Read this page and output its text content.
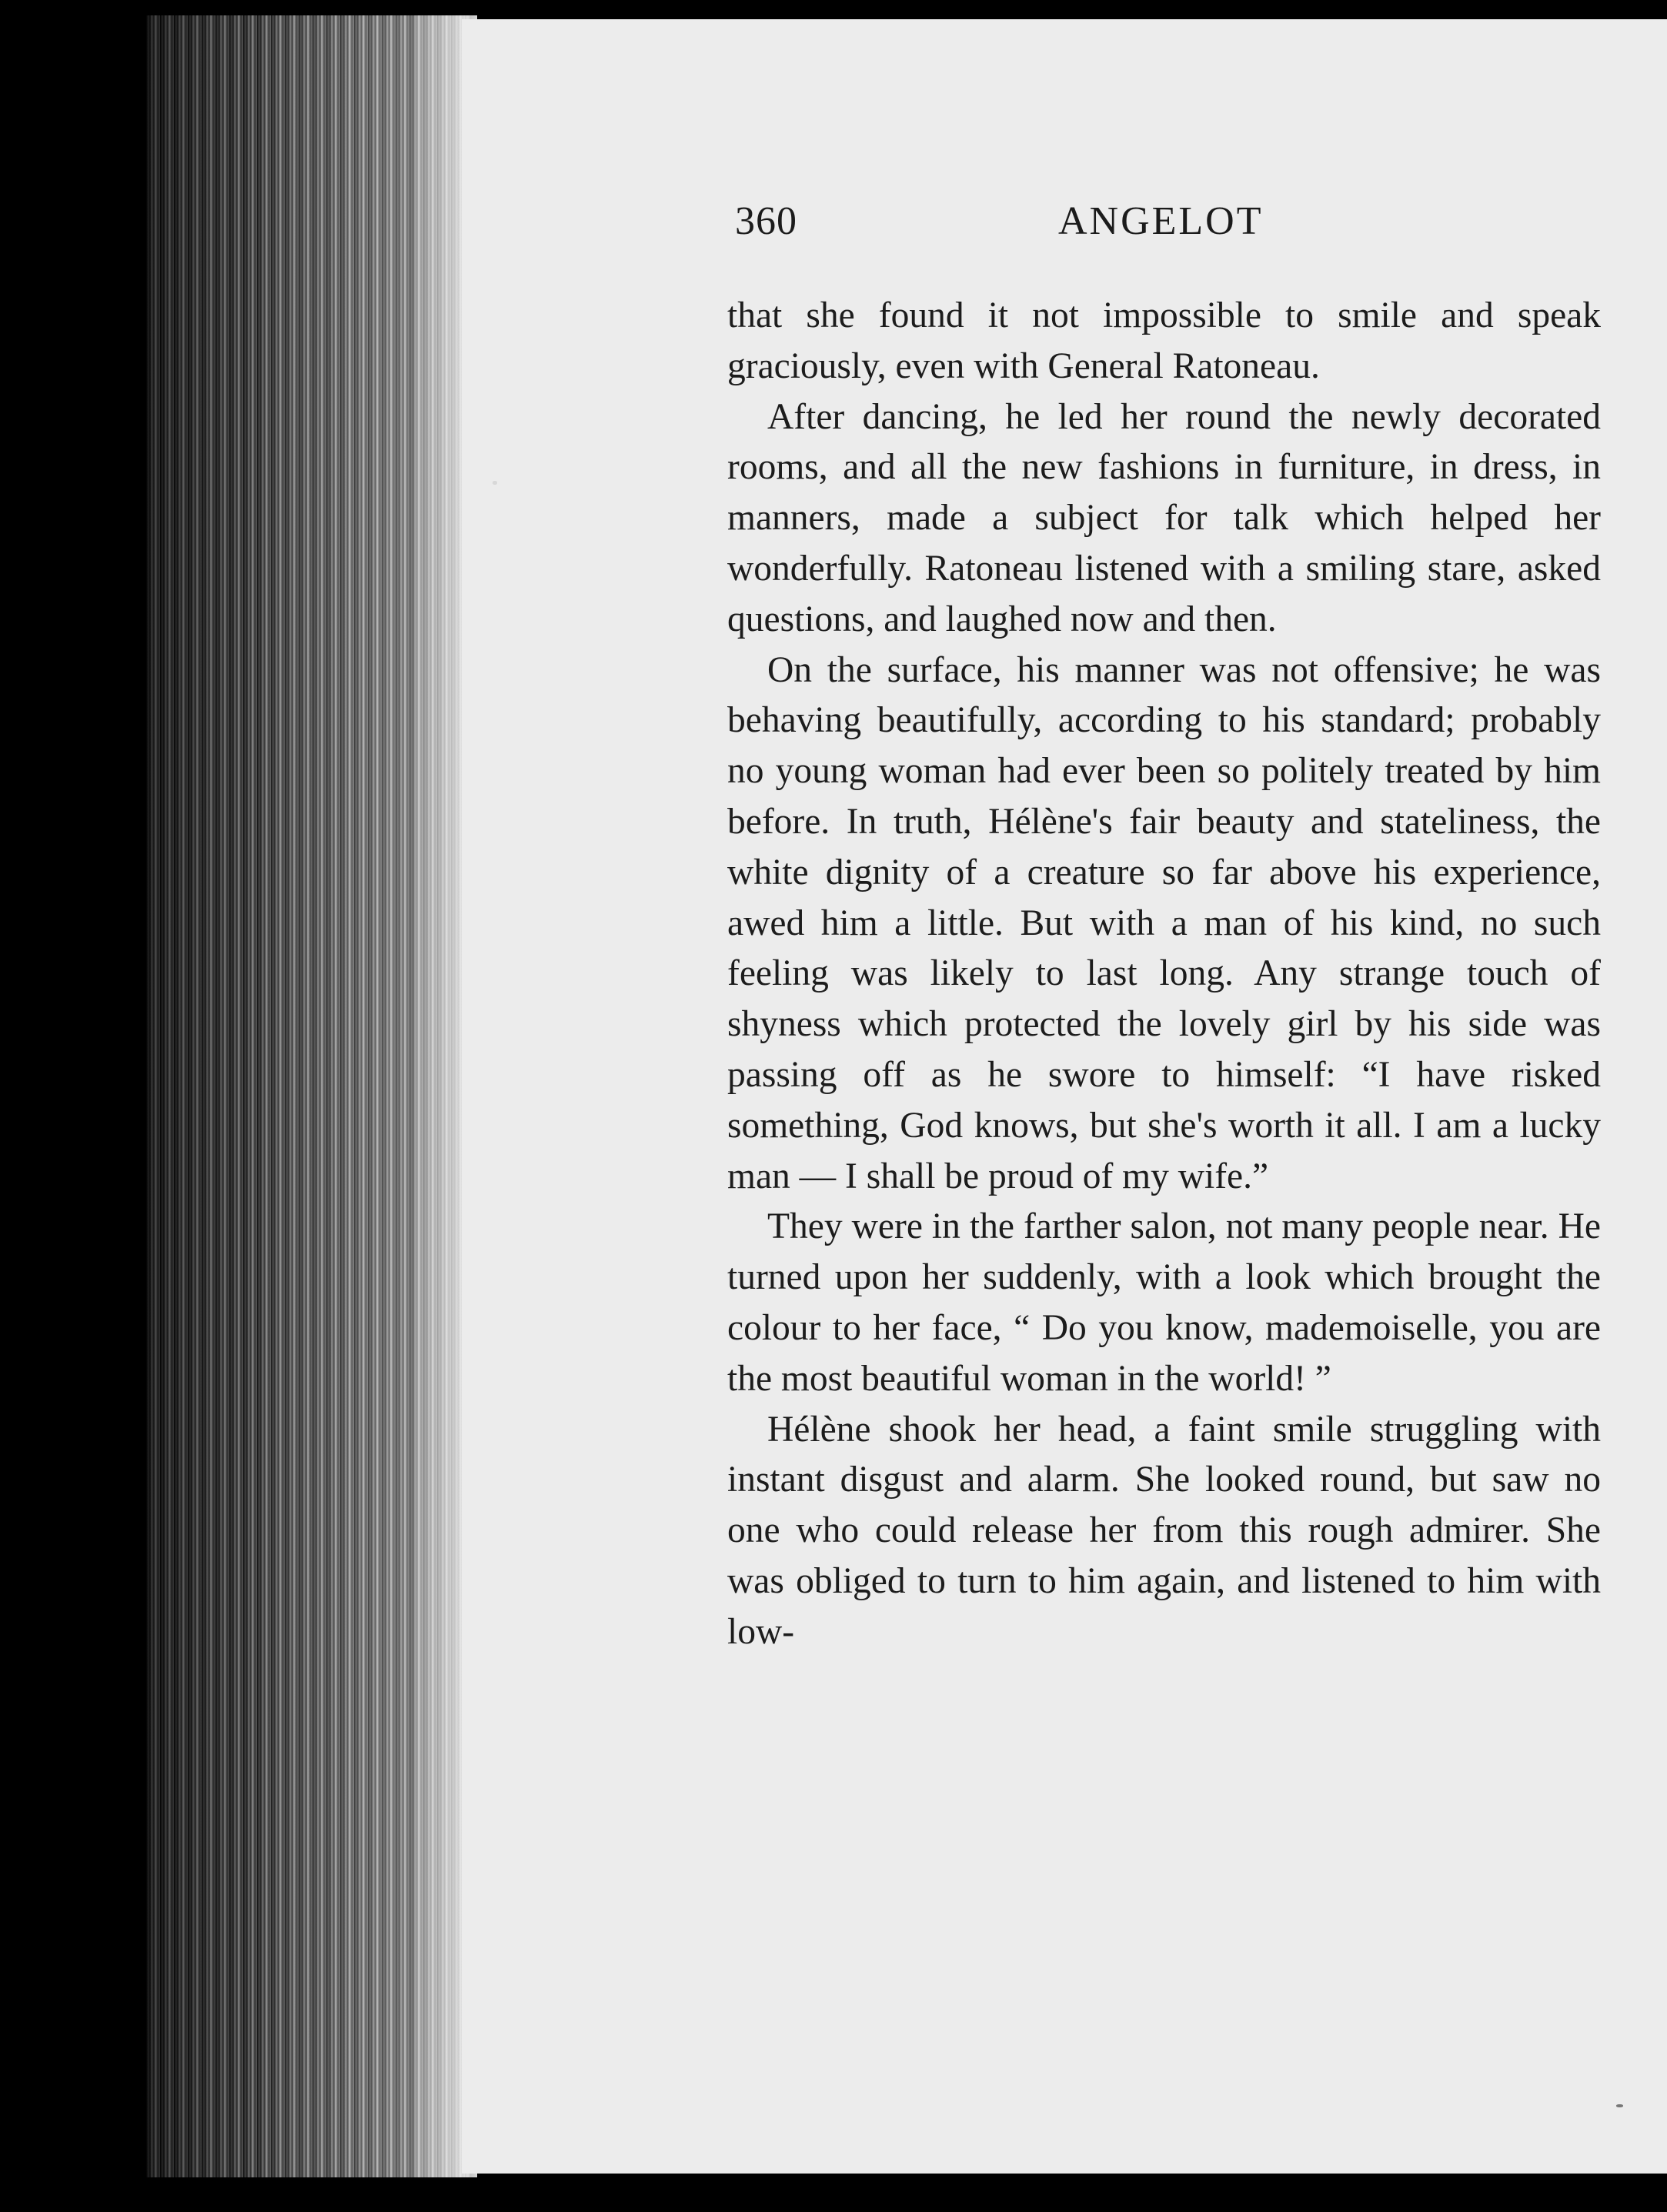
360	ANGELOT

that she found it not impossible to smile and speak graciously, even with General Ratoneau.

After dancing, he led her round the newly decorated rooms, and all the new fashions in furniture, in dress, in manners, made a subject for talk which helped her wonderfully. Ratoneau listened with a smiling stare, asked questions, and laughed now and then.

On the surface, his manner was not offensive; he was behaving beautifully, according to his standard; probably no young woman had ever been so politely treated by him before. In truth, Hélène's fair beauty and stateliness, the white dignity of a creature so far above his experience, awed him a little. But with a man of his kind, no such feeling was likely to last long. Any strange touch of shyness which protected the lovely girl by his side was passing off as he swore to himself: “I have risked something, God knows, but she's worth it all. I am a lucky man — I shall be proud of my wife.”

They were in the farther salon, not many people near. He turned upon her suddenly, with a look which brought the colour to her face, “ Do you know, mademoiselle, you are the most beautiful woman in the world! ”

Hélène shook her head, a faint smile struggling with instant disgust and alarm. She looked round, but saw no one who could release her from this rough admirer. She was obliged to turn to him again, and listened to him with low-
